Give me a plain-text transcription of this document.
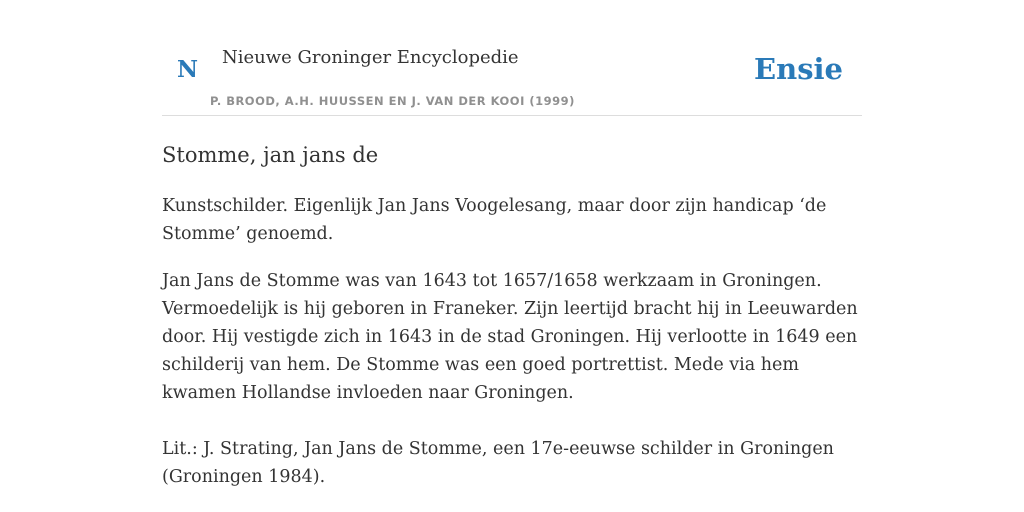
N Nieuwe Groninger Encyclopedie
P. BROOD, A.H. HUUSSEN EN J. VAN DER KOOI (1999)
Ensie
Stomme, jan jans de

Kunstschilder. Eigenlijk Jan Jans Voogelesang, maar door zijn handicap ‘de Stomme’ genoemd.

Jan Jans de Stomme was van 1643 tot 1657/1658 werkzaam in Groningen. Vermoedelijk is hij geboren in Franeker. Zijn leertijd bracht hij in Leeuwarden door. Hij vestigde zich in 1643 in de stad Groningen. Hij verlootte in 1649 een schilderij van hem. De Stomme was een goed portrettist. Mede via hem kwamen Hollandse invloeden naar Groningen.

Lit.: J. Strating, Jan Jans de Stomme, een 17e-eeuwse schilder in Groningen (Groningen 1984).
